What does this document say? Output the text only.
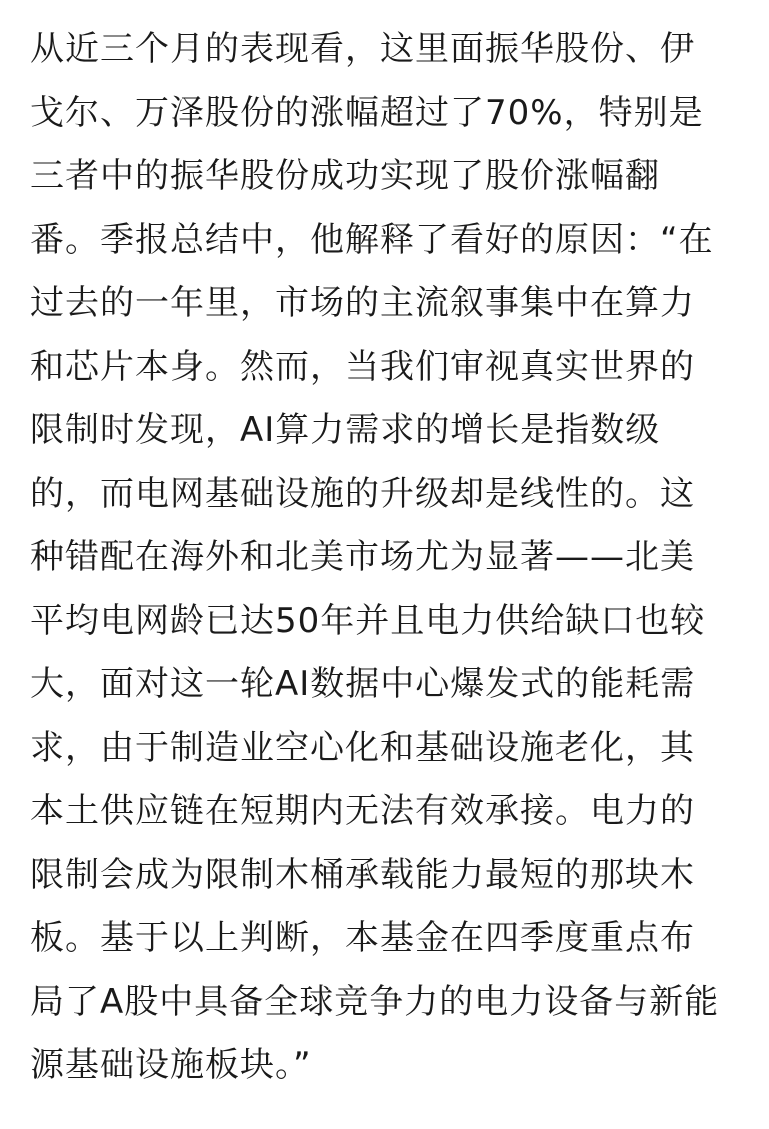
从近三个月的表现看，这里面振华股份、伊
戈尔、万泽股份的涨幅超过了70%，特别是
三者中的振华股份成功实现了股价涨幅翻
番。季报总结中，他解释了看好的原因：“在
过去的一年里，市场的主流叙事集中在算力
和芯片本身。然而，当我们审视真实世界的
限制时发现，AI算力需求的增长是指数级
的，而电网基础设施的升级却是线性的。这
种错配在海外和北美市场尤为显著——北美
平均电网龄已达50年并且电力供给缺口也较
大，面对这一轮AI数据中心爆发式的能耗需
求，由于制造业空心化和基础设施老化，其
本土供应链在短期内无法有效承接。电力的
限制会成为限制木桶承载能力最短的那块木
板。基于以上判断，本基金在四季度重点布
局了A股中具备全球竞争力的电力设备与新能
源基础设施板块。”
